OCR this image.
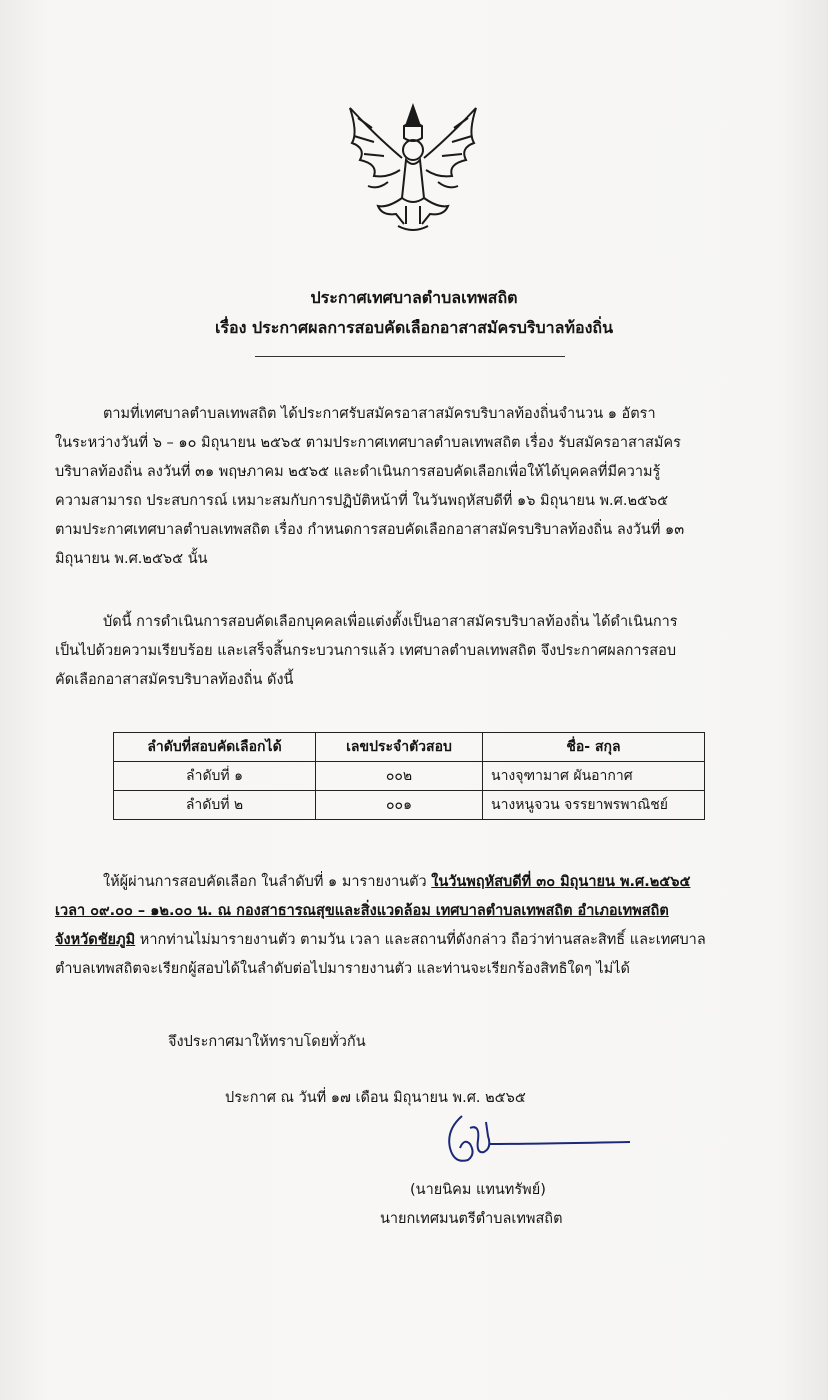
ประกาศเทศบาลตำบลเทพสถิต
เรื่อง ประกาศผลการสอบคัดเลือกอาสาสมัครบริบาลท้องถิ่น
ตามที่เทศบาลตำบลเทพสถิต ได้ประกาศรับสมัครอาสาสมัครบริบาลท้องถิ่นจำนวน ๑ อัตรา
ในระหว่างวันที่ ๖ – ๑๐ มิถุนายน ๒๕๖๕ ตามประกาศเทศบาลตำบลเทพสถิต เรื่อง รับสมัครอาสาสมัคร
บริบาลท้องถิ่น ลงวันที่ ๓๑ พฤษภาคม ๒๕๖๕ และดำเนินการสอบคัดเลือกเพื่อให้ได้บุคคลที่มีความรู้
ความสามารถ ประสบการณ์ เหมาะสมกับการปฏิบัติหน้าที่ ในวันพฤหัสบดีที่ ๑๖ มิถุนายน พ.ศ.๒๕๖๕
ตามประกาศเทศบาลตำบลเทพสถิต เรื่อง กำหนดการสอบคัดเลือกอาสาสมัครบริบาลท้องถิ่น ลงวันที่ ๑๓
มิถุนายน พ.ศ.๒๕๖๕ นั้น
บัดนี้ การดำเนินการสอบคัดเลือกบุคคลเพื่อแต่งตั้งเป็นอาสาสมัครบริบาลท้องถิ่น ได้ดำเนินการ
เป็นไปด้วยความเรียบร้อย และเสร็จสิ้นกระบวนการแล้ว เทศบาลตำบลเทพสถิต จึงประกาศผลการสอบ
คัดเลือกอาสาสมัครบริบาลท้องถิ่น ดังนี้
ลำดับที่สอบคัดเลือกได้	เลขประจำตัวสอบ	ชื่อ- สกุล
ลำดับที่ ๑	๐๐๒	นางจุฑามาศ ผันอากาศ
ลำดับที่ ๒	๐๐๑	นางหนูจวน จรรยาพรพาณิชย์
ให้ผู้ผ่านการสอบคัดเลือก ในลำดับที่ ๑ มารายงานตัว ในวันพฤหัสบดีที่ ๓๐ มิถุนายน พ.ศ.๒๕๖๕
เวลา ๐๙.๐๐ – ๑๒.๐๐ น. ณ กองสาธารณสุขและสิ่งแวดล้อม เทศบาลตำบลเทพสถิต อำเภอเทพสถิต
จังหวัดชัยภูมิ หากท่านไม่มารายงานตัว ตามวัน เวลา และสถานที่ดังกล่าว ถือว่าท่านสละสิทธิ์ และเทศบาล
ตำบลเทพสถิตจะเรียกผู้สอบได้ในลำดับต่อไปมารายงานตัว และท่านจะเรียกร้องสิทธิใดๆ ไม่ได้
จึงประกาศมาให้ทราบโดยทั่วกัน
ประกาศ ณ วันที่ ๑๗ เดือน มิถุนายน พ.ศ. ๒๕๖๕
(นายนิคม แทนทรัพย์)
นายกเทศมนตรีตำบลเทพสถิต
